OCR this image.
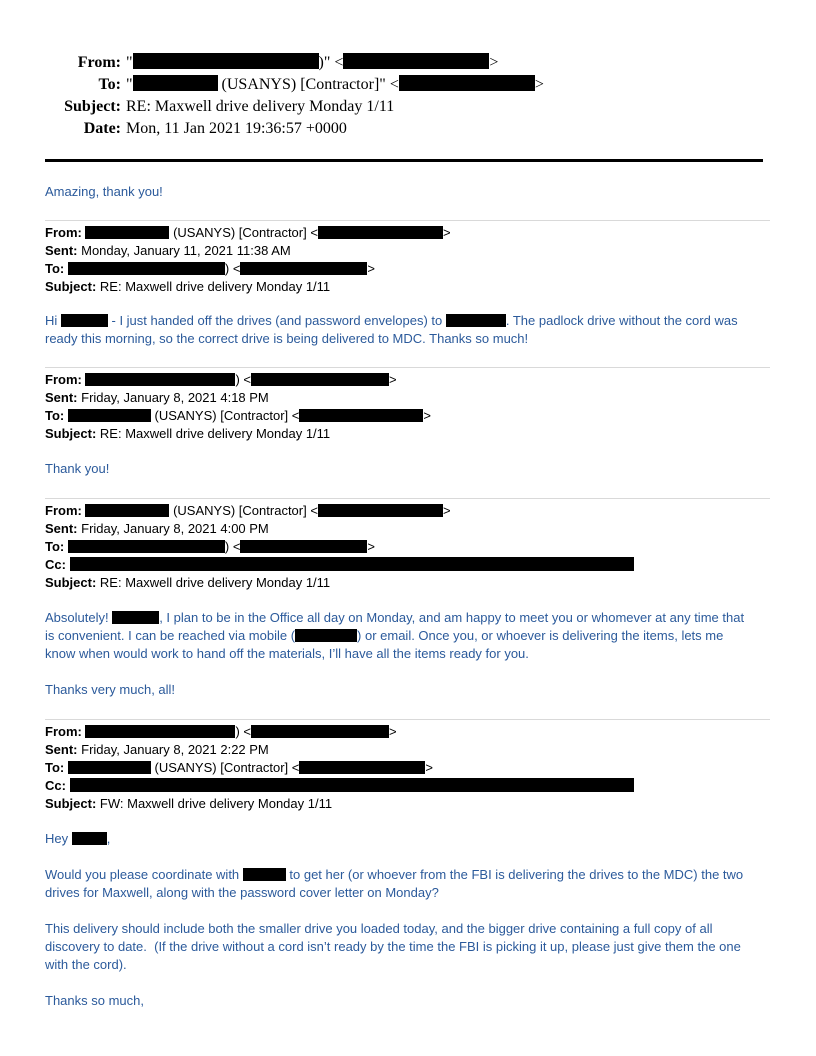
From: "	)" <	>
To: "	(USANYS) [Contractor]" <	>
Subject: RE: Maxwell drive delivery Monday 1/11
Date: Mon, 11 Jan 2021 19:36:57 +0000
Amazing, thank you!
From:	(USANYS) [Contractor] <	>
Sent: Monday, January 11, 2021 11:38 AM
To:	) <	>
Subject: RE: Maxwell drive delivery Monday 1/11
Hi	- I just handed off the drives (and password envelopes) to	. The padlock drive without the cord was
ready this morning, so the correct drive is being delivered to MDC. Thanks so much!
From:	) <	>
Sent: Friday, January 8, 2021 4:18 PM
To:	(USANYS) [Contractor] <	>
Subject: RE: Maxwell drive delivery Monday 1/11
Thank you!
From:	(USANYS) [Contractor] <	>
Sent: Friday, January 8, 2021 4:00 PM
To:	) <	>
Cc:
Subject: RE: Maxwell drive delivery Monday 1/11
Absolutely!	, I plan to be in the Office all day on Monday, and am happy to meet you or whomever at any time that
is convenient. I can be reached via mobile (	) or email. Once you, or whoever is delivering the items, lets me
know when would work to hand off the materials, I’ll have all the items ready for you.
Thanks very much, all!
From:	) <	>
Sent: Friday, January 8, 2021 2:22 PM
To:	(USANYS) [Contractor] <	>
Cc:
Subject: FW: Maxwell drive delivery Monday 1/11
Hey	,
Would you please coordinate with	to get her (or whoever from the FBI is delivering the drives to the MDC) the two
drives for Maxwell, along with the password cover letter on Monday?
This delivery should include both the smaller drive you loaded today, and the bigger drive containing a full copy of all
discovery to date.  (If the drive without a cord isn’t ready by the time the FBI is picking it up, please just give them the one
with the cord).
Thanks so much,
